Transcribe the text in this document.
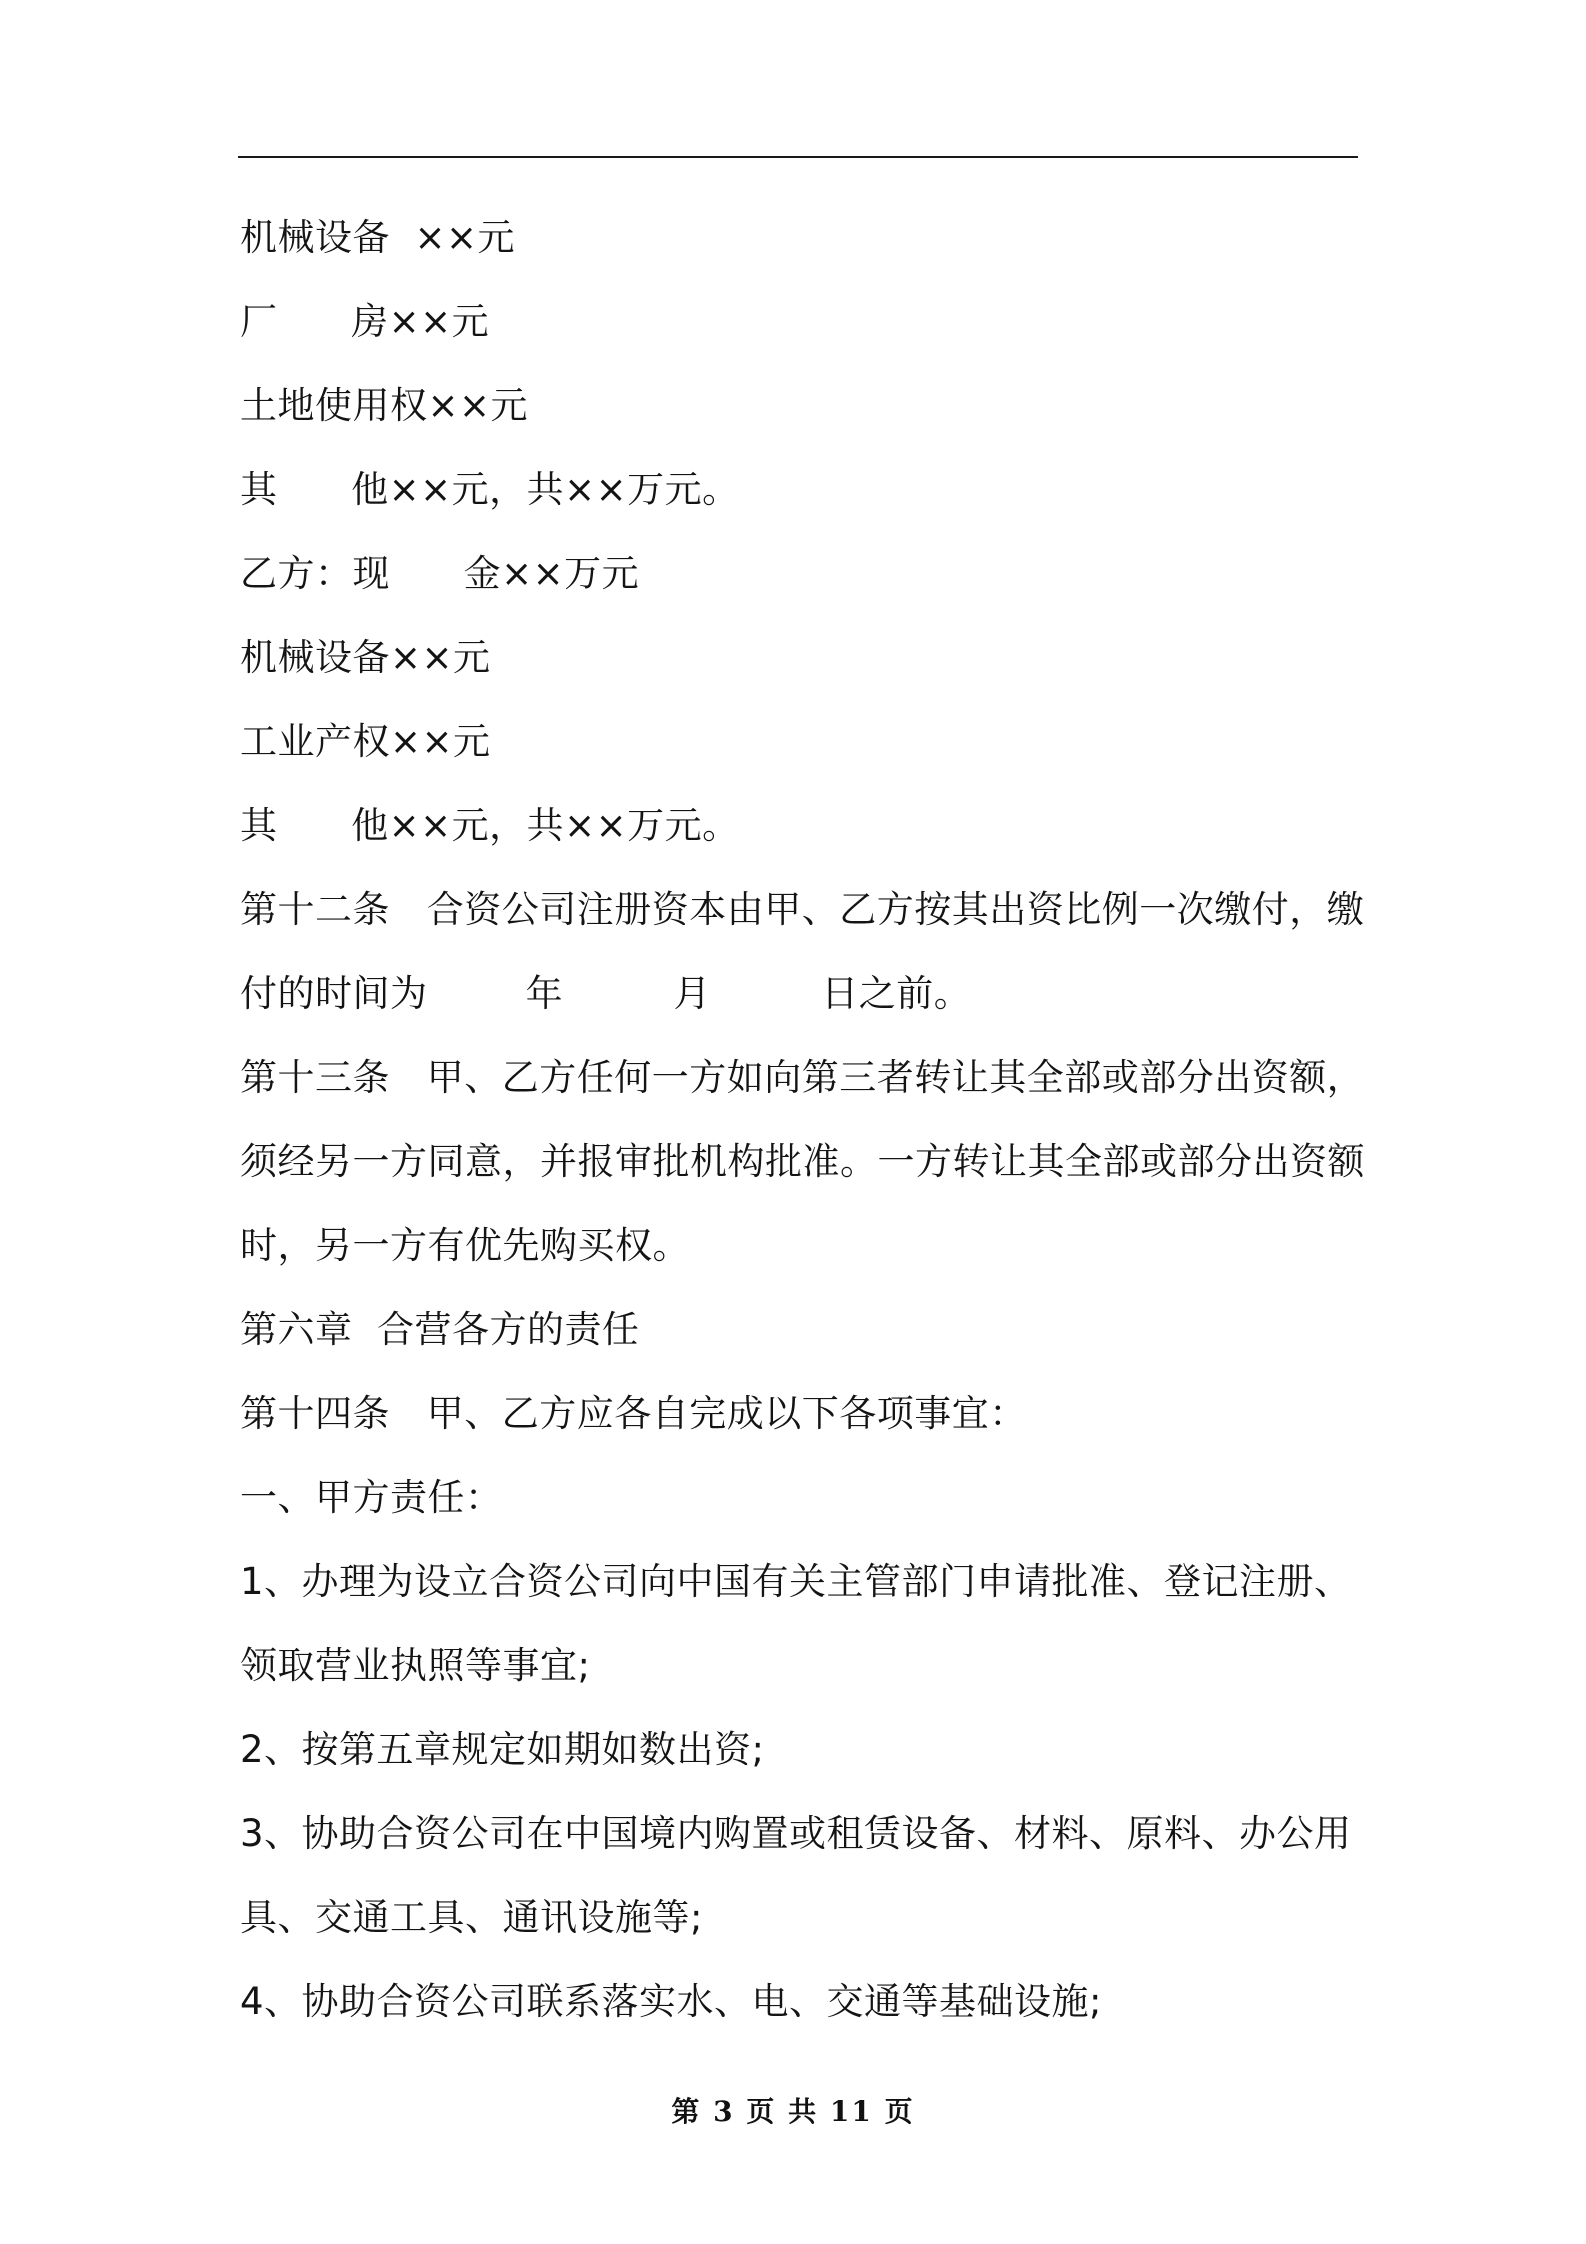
机械设备  ××元
厂      房××元
土地使用权××元
其      他××元，共××万元。
乙方：现      金××万元
机械设备××元
工业产权××元
其      他××元，共××万元。
第十二条   合资公司注册资本由甲、乙方按其出资比例一次缴付，缴
付的时间为        年         月         日之前。
第十三条   甲、乙方任何一方如向第三者转让其全部或部分出资额，
须经另一方同意，并报审批机构批准。一方转让其全部或部分出资额
时，另一方有优先购买权。
第六章  合营各方的责任
第十四条   甲、乙方应各自完成以下各项事宜：
一、甲方责任：
1、办理为设立合资公司向中国有关主管部门申请批准、登记注册、
领取营业执照等事宜;
2、按第五章规定如期如数出资;
3、协助合资公司在中国境内购置或租赁设备、材料、原料、办公用
具、交通工具、通讯设施等;
4、协助合资公司联系落实水、电、交通等基础设施;
第 3 页 共 11 页
